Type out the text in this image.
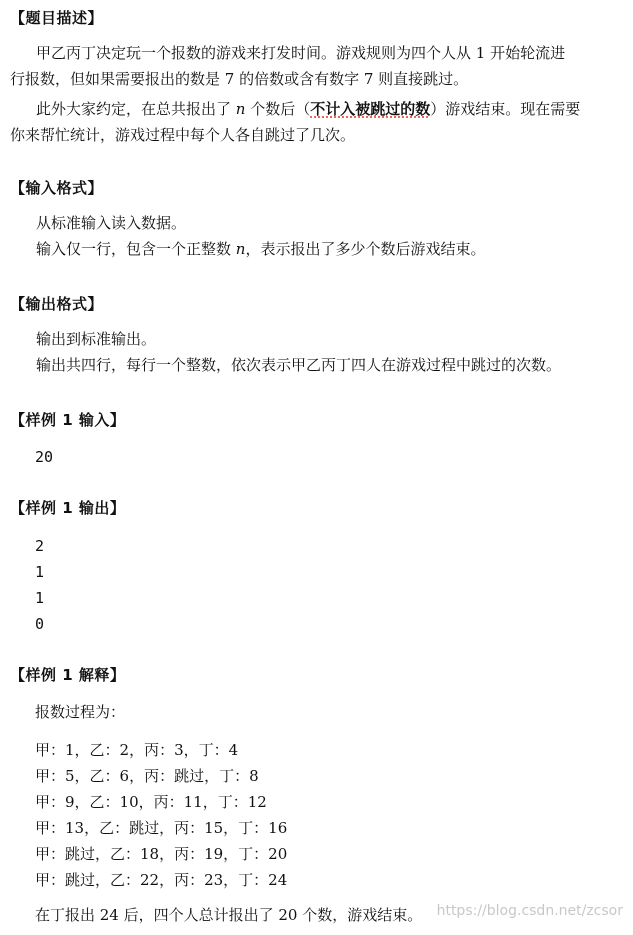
【题目描述】
甲乙丙丁决定玩一个报数的游戏来打发时间。游戏规则为四个人从 1 开始轮流进
行报数，但如果需要报出的数是 7 的倍数或含有数字 7 则直接跳过。
此外大家约定，在总共报出了 n 个数后（不计入被跳过的数）游戏结束。现在需要
你来帮忙统计，游戏过程中每个人各自跳过了几次。
【输入格式】
从标准输入读入数据。
输入仅一行，包含一个正整数 n，表示报出了多少个数后游戏结束。
【输出格式】
输出到标准输出。
输出共四行，每行一个整数，依次表示甲乙丙丁四人在游戏过程中跳过的次数。
【样例 1 输入】
20
【样例 1 输出】
2
1
1
0
【样例 1 解释】
报数过程为：
甲：1，乙：2，丙：3，丁：4
甲：5，乙：6，丙：跳过，丁：8
甲：9，乙：10，丙：11，丁：12
甲：13，乙：跳过，丙：15，丁：16
甲：跳过，乙：18，丙：19，丁：20
甲：跳过，乙：22，丙：23，丁：24
在丁报出 24 后，四个人总计报出了 20 个数，游戏结束。 https://blog.csdn.net/zcsor
